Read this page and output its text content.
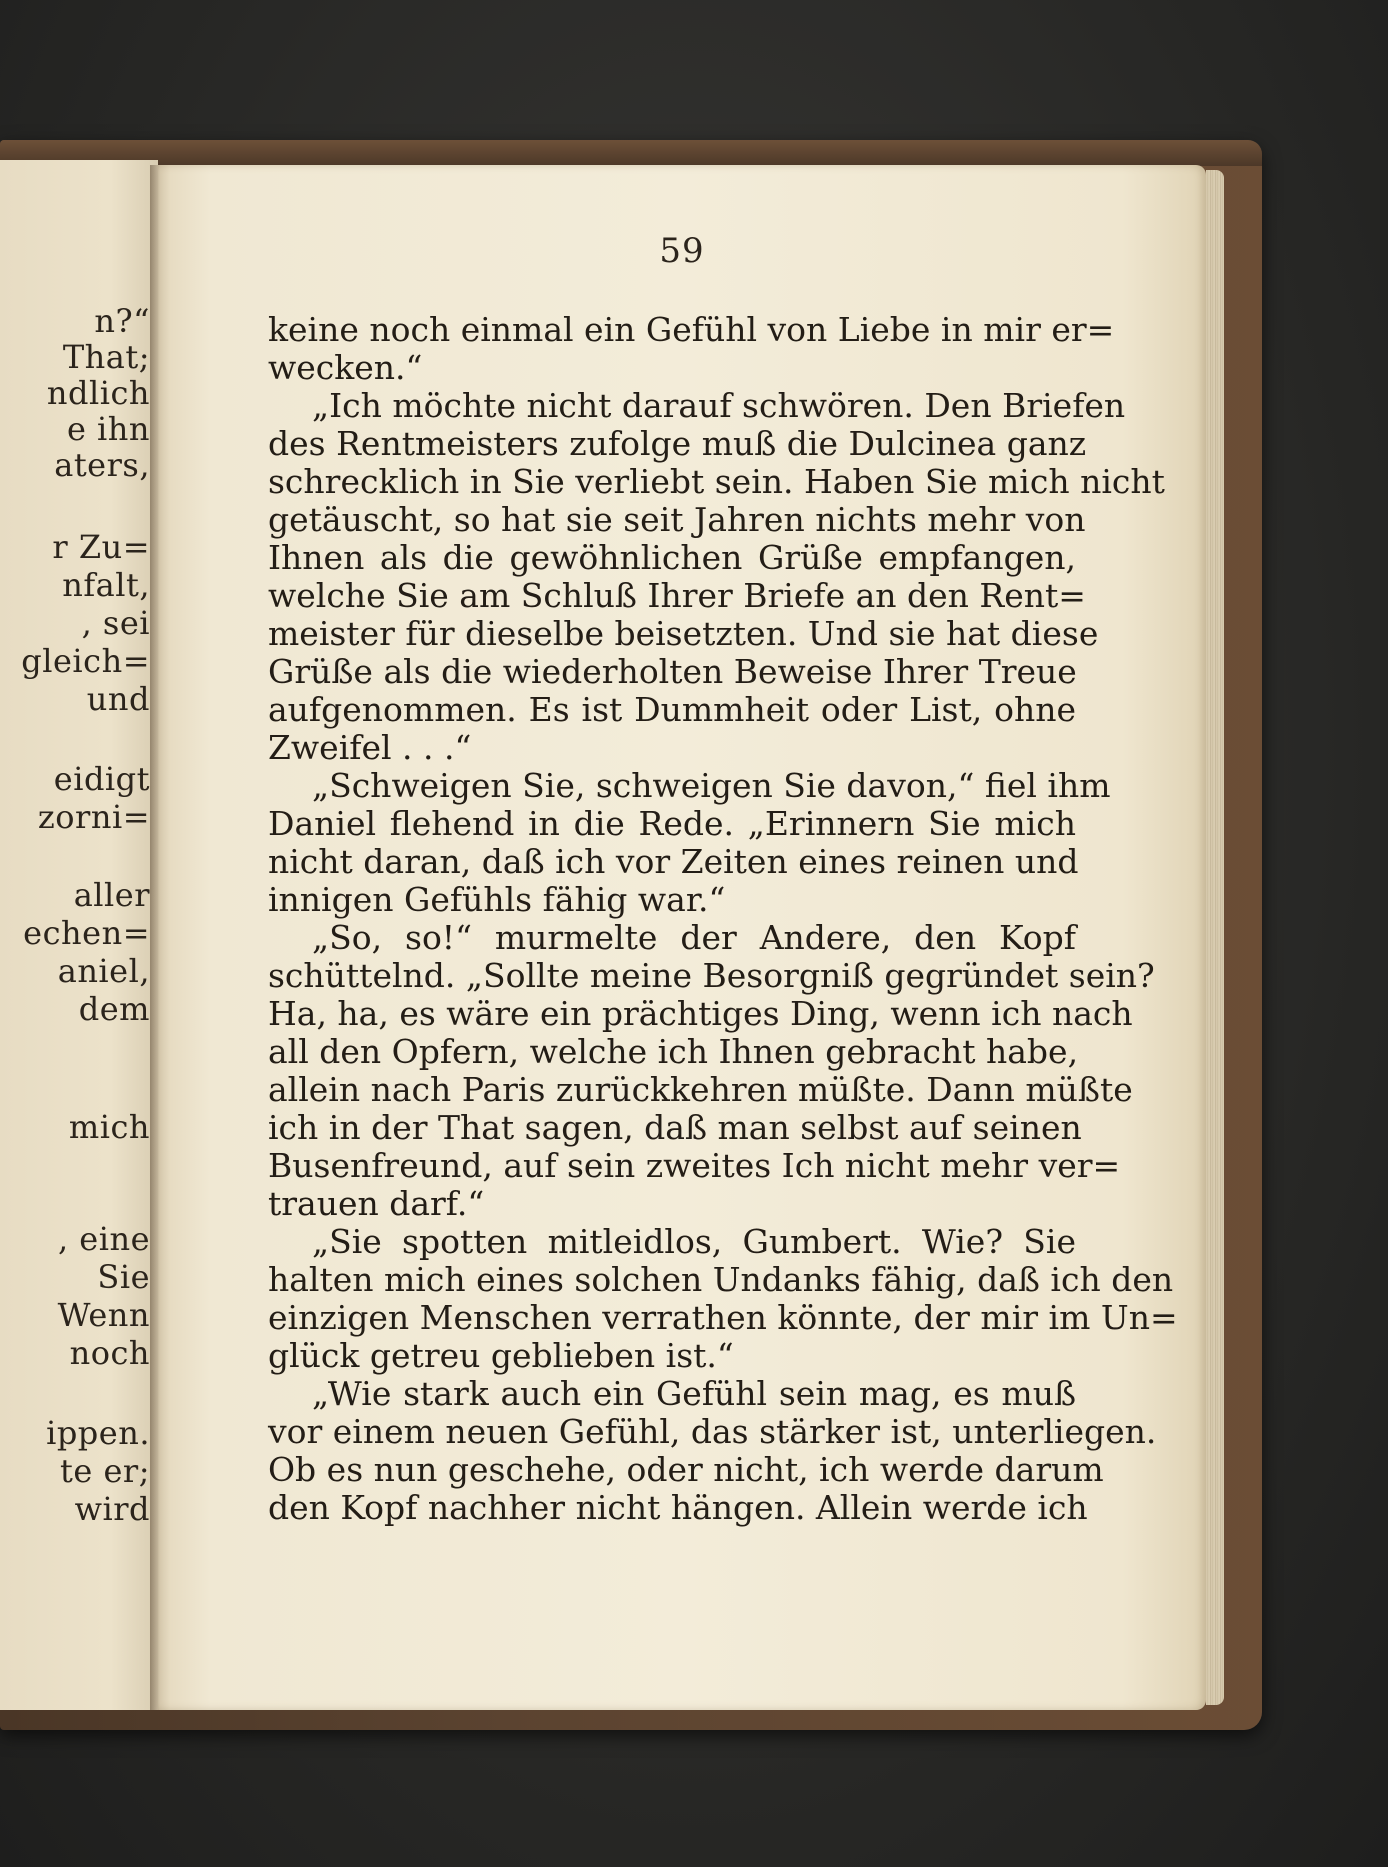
n?“
That;
ndlich
e ihn
aters,
r Zu=
nfalt,
, sei
gleich=
und
eidigt
zorni=
aller
echen=
aniel,
dem
mich
, eine
Sie
Wenn
noch
ippen.
te er;
wird
59
keine noch einmal ein Gefühl von Liebe in mir er=
wecken.“
„Ich möchte nicht darauf schwören. Den Briefen
des Rentmeisters zufolge muß die Dulcinea ganz
schrecklich in Sie verliebt sein. Haben Sie mich nicht
getäuscht, so hat sie seit Jahren nichts mehr von
Ihnen als die gewöhnlichen Grüße empfangen,
welche Sie am Schluß Ihrer Briefe an den Rent=
meister für dieselbe beisetzten. Und sie hat diese
Grüße als die wiederholten Beweise Ihrer Treue
aufgenommen. Es ist Dummheit oder List, ohne
Zweifel . . .“
„Schweigen Sie, schweigen Sie davon,“ fiel ihm
Daniel flehend in die Rede. „Erinnern Sie mich
nicht daran, daß ich vor Zeiten eines reinen und
innigen Gefühls fähig war.“
„So, so!“ murmelte der Andere, den Kopf
schüttelnd. „Sollte meine Besorgniß gegründet sein?
Ha, ha, es wäre ein prächtiges Ding, wenn ich nach
all den Opfern, welche ich Ihnen gebracht habe,
allein nach Paris zurückkehren müßte. Dann müßte
ich in der That sagen, daß man selbst auf seinen
Busenfreund, auf sein zweites Ich nicht mehr ver=
trauen darf.“
„Sie spotten mitleidlos, Gumbert. Wie? Sie
halten mich eines solchen Undanks fähig, daß ich den
einzigen Menschen verrathen könnte, der mir im Un=
glück getreu geblieben ist.“
„Wie stark auch ein Gefühl sein mag, es muß
vor einem neuen Gefühl, das stärker ist, unterliegen.
Ob es nun geschehe, oder nicht, ich werde darum
den Kopf nachher nicht hängen. Allein werde ich
